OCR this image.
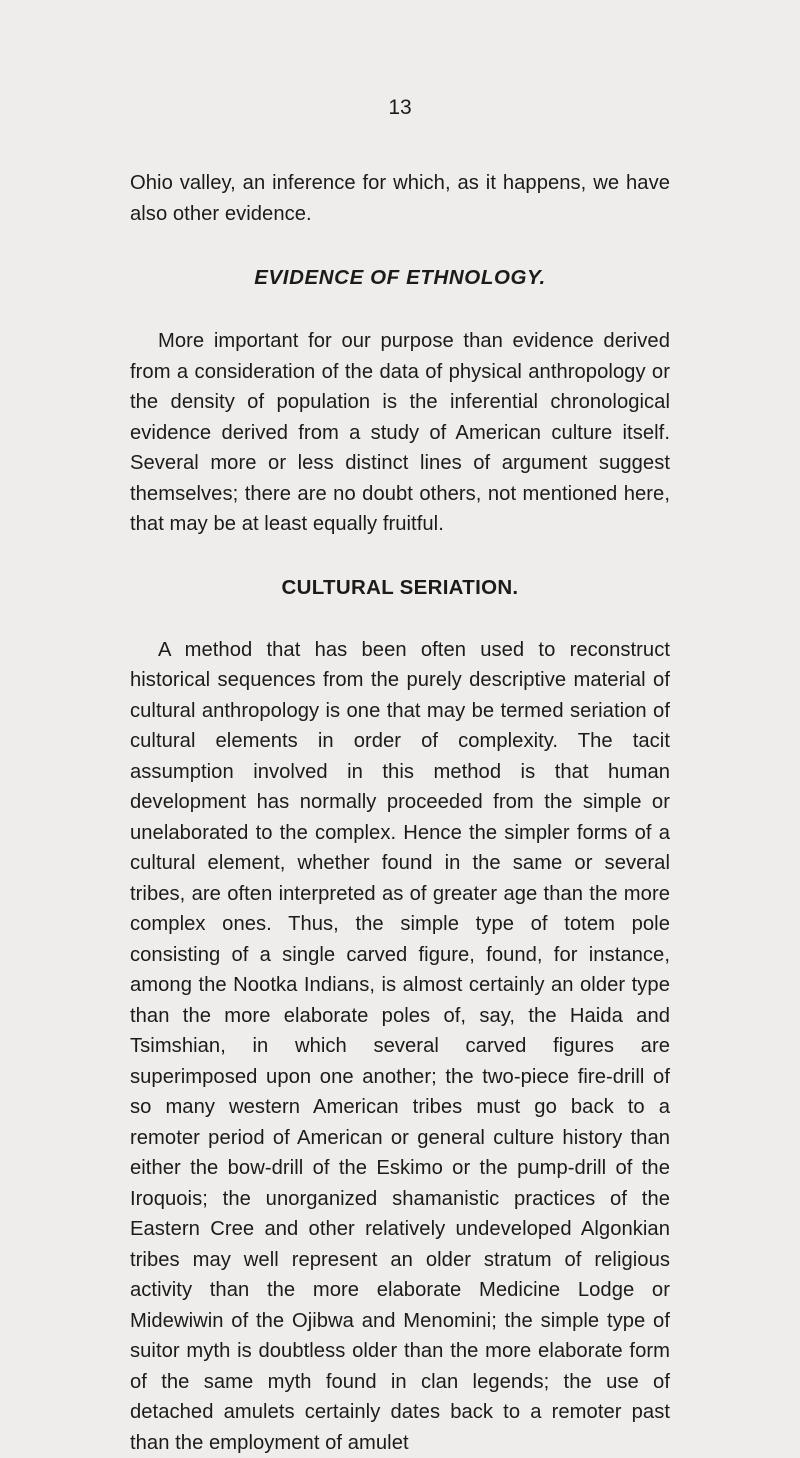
13

Ohio valley, an inference for which, as it happens, we have also other evidence.

EVIDENCE OF ETHNOLOGY.

More important for our purpose than evidence derived from a consideration of the data of physical anthropology or the density of population is the inferential chronological evidence derived from a study of American culture itself. Several more or less distinct lines of argument suggest themselves; there are no doubt others, not mentioned here, that may be at least equally fruitful.

CULTURAL SERIATION.

A method that has been often used to reconstruct historical sequences from the purely descriptive material of cultural anthropology is one that may be termed seriation of cultural elements in order of complexity. The tacit assumption involved in this method is that human development has normally proceeded from the simple or unelaborated to the complex. Hence the simpler forms of a cultural element, whether found in the same or several tribes, are often interpreted as of greater age than the more complex ones. Thus, the simple type of totem pole consisting of a single carved figure, found, for instance, among the Nootka Indians, is almost certainly an older type than the more elaborate poles of, say, the Haida and Tsimshian, in which several carved figures are superimposed upon one another; the two-piece fire-drill of so many western American tribes must go back to a remoter period of American or general culture history than either the bow-drill of the Eskimo or the pump-drill of the Iroquois; the unorganized shamanistic practices of the Eastern Cree and other relatively undeveloped Algonkian tribes may well represent an older stratum of religious activity than the more elaborate Medicine Lodge or Midewiwin of the Ojibwa and Menomini; the simple type of suitor myth is doubtless older than the more elaborate form of the same myth found in clan legends; the use of detached amulets certainly dates back to a remoter past than the employment of amulet
